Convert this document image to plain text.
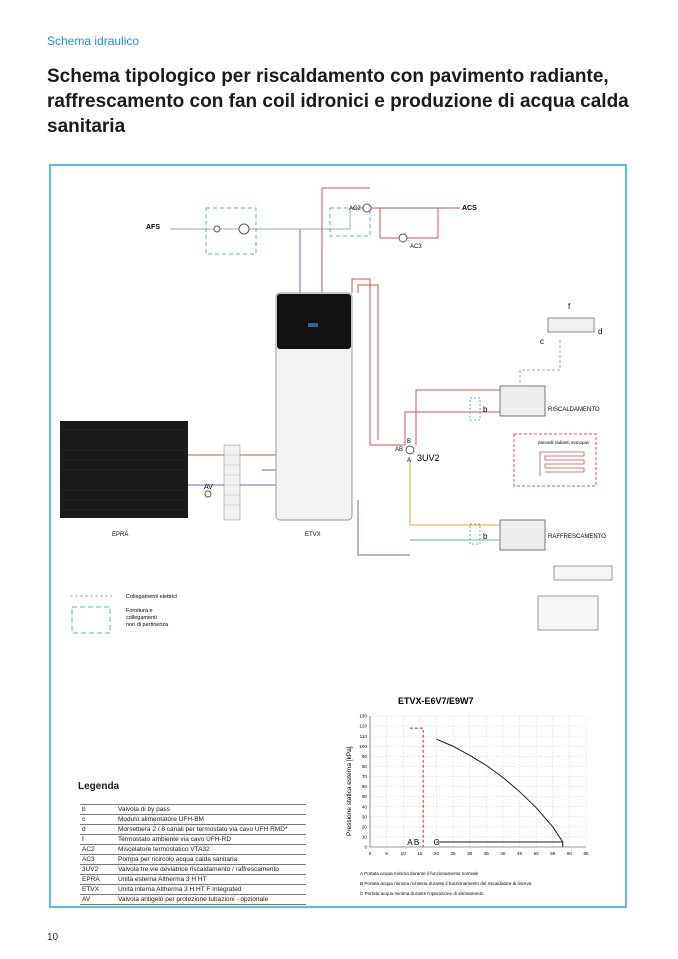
Schema idraulico
Schema tipologico per riscaldamento con pavimento radiante, raffrescamento con fan coil idronici e produzione di acqua calda sanitaria
AFS
ACS
AC2
AC3
EPRA
AV
ETVX
AB
B
A 3UV2
b
b
RISCALDAMENTO
pannelli radianti monopav
RAFFRESCAMENTO
c
d
f
Collegamenti elettrici
Fornitura e
collegamenti
non di pertinenza
Legenda
b	Valvola di by pass
c	Modulo alimentatore UFH-BM
d	Morsettiera 2 / 6 canali per termostato via cavo UFH RMD*
f	Termostato ambiente via cavo UFH-RD
AC2	Miscelatore termostatico VTA32
AC3	Pompa per ricircolo acqua calda sanitaria
3UV2	Valvola tre vie deviatrice riscaldamento / raffrescamento
EPRA	Unità esterna Altherma 3 H HT
ETVX	Unità interna Altherma 3 H HT F Integrated
AV	Valvola antigelo per protezione tubazioni - opzionale
ETVX-E6V7/E9W7
Pressione statica esterna [kPa]
0	5	10 15 20 25 30 35 40 45 50 55 60 65
0
10
20
30
40
50
60
70
80
90
100
110
120
130
A B C
A Portata acqua minima durante il funzionamento normale
B Portata acqua minima richiesta durante il funzionamento del riscaldatore di riserva
C Portata acqua minima durante l'operazione di sbrinamento
10
